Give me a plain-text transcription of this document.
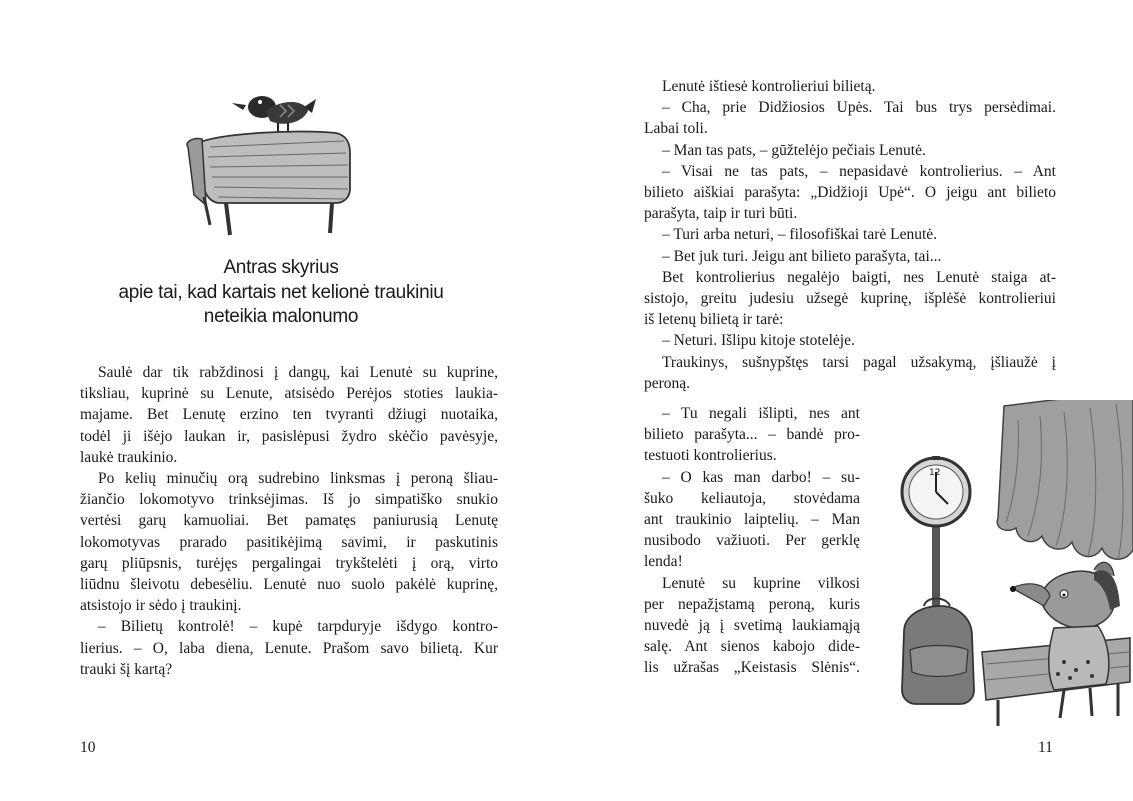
Antras skyrius
apie tai, kad kartais net kelionė traukiniu
neteikia malonumo
Saulė dar tik rabždinosi į dangų, kai Lenutė su kuprine,
tiksliau, kuprinė su Lenute, atsisėdo Perėjos stoties laukia-
majame. Bet Lenutę erzino ten tvyranti džiugi nuotaika,
todėl ji išėjo laukan ir, pasislėpusi žydro skėčio pavėsyje,
laukė traukinio.
Po kelių minučių orą sudrebino linksmas į peroną šliau-
žiančio lokomotyvo trinksėjimas. Iš jo simpatiško snukio
vertėsi garų kamuoliai. Bet pamatęs paniurusią Lenutę
lokomotyvas prarado pasitikėjimą savimi, ir paskutinis
garų pliūpsnis, turėjęs pergalingai trykštelėti į orą, virto
liūdnu šleivotu debesėliu. Lenutė nuo suolo pakėlė kuprinę,
atsistojo ir sėdo į traukinį.
– Bilietų kontrolė! – kupė tarpduryje išdygo kontro-
lierius. – O, laba diena, Lenute. Prašom savo bilietą. Kur
trauki šį kartą?
10
Lenutė ištiesė kontrolieriui bilietą.
– Cha, prie Didžiosios Upės. Tai bus trys persėdimai.
Labai toli.
– Man tas pats, – gūžtelėjo pečiais Lenutė.
– Visai ne tas pats, – nepasidavė kontrolierius. – Ant
bilieto aiškiai parašyta: „Didžioji Upė“. O jeigu ant bilieto
parašyta, taip ir turi būti.
– Turi arba neturi, – filosofiškai tarė Lenutė.
– Bet juk turi. Jeigu ant bilieto parašyta, tai...
Bet kontrolierius negalėjo baigti, nes Lenutė staiga at-
sistojo, greitu judesiu užsegė kuprinę, išplėšė kontrolieriui
iš letenų bilietą ir tarė:
– Neturi. Išlipu kitoje stotelėje.
Traukinys, sušnypštęs tarsi pagal užsakymą, įšliaužė į
peroną.
– Tu negali išlipti, nes ant
bilieto parašyta... – bandė pro-
testuoti kontrolierius.
– O kas man darbo! – su-
šuko keliautoja, stovėdama
ant traukinio laiptelių. – Man
nusibodo važiuoti. Per gerklę
lenda!
Lenutė su kuprine vilkosi
per nepažįstamą peroną, kuris
nuvedė ją į svetimą laukiamąją
salę. Ant sienos kabojo dide-
lis užrašas „Keistasis Slėnis“.
12
11
